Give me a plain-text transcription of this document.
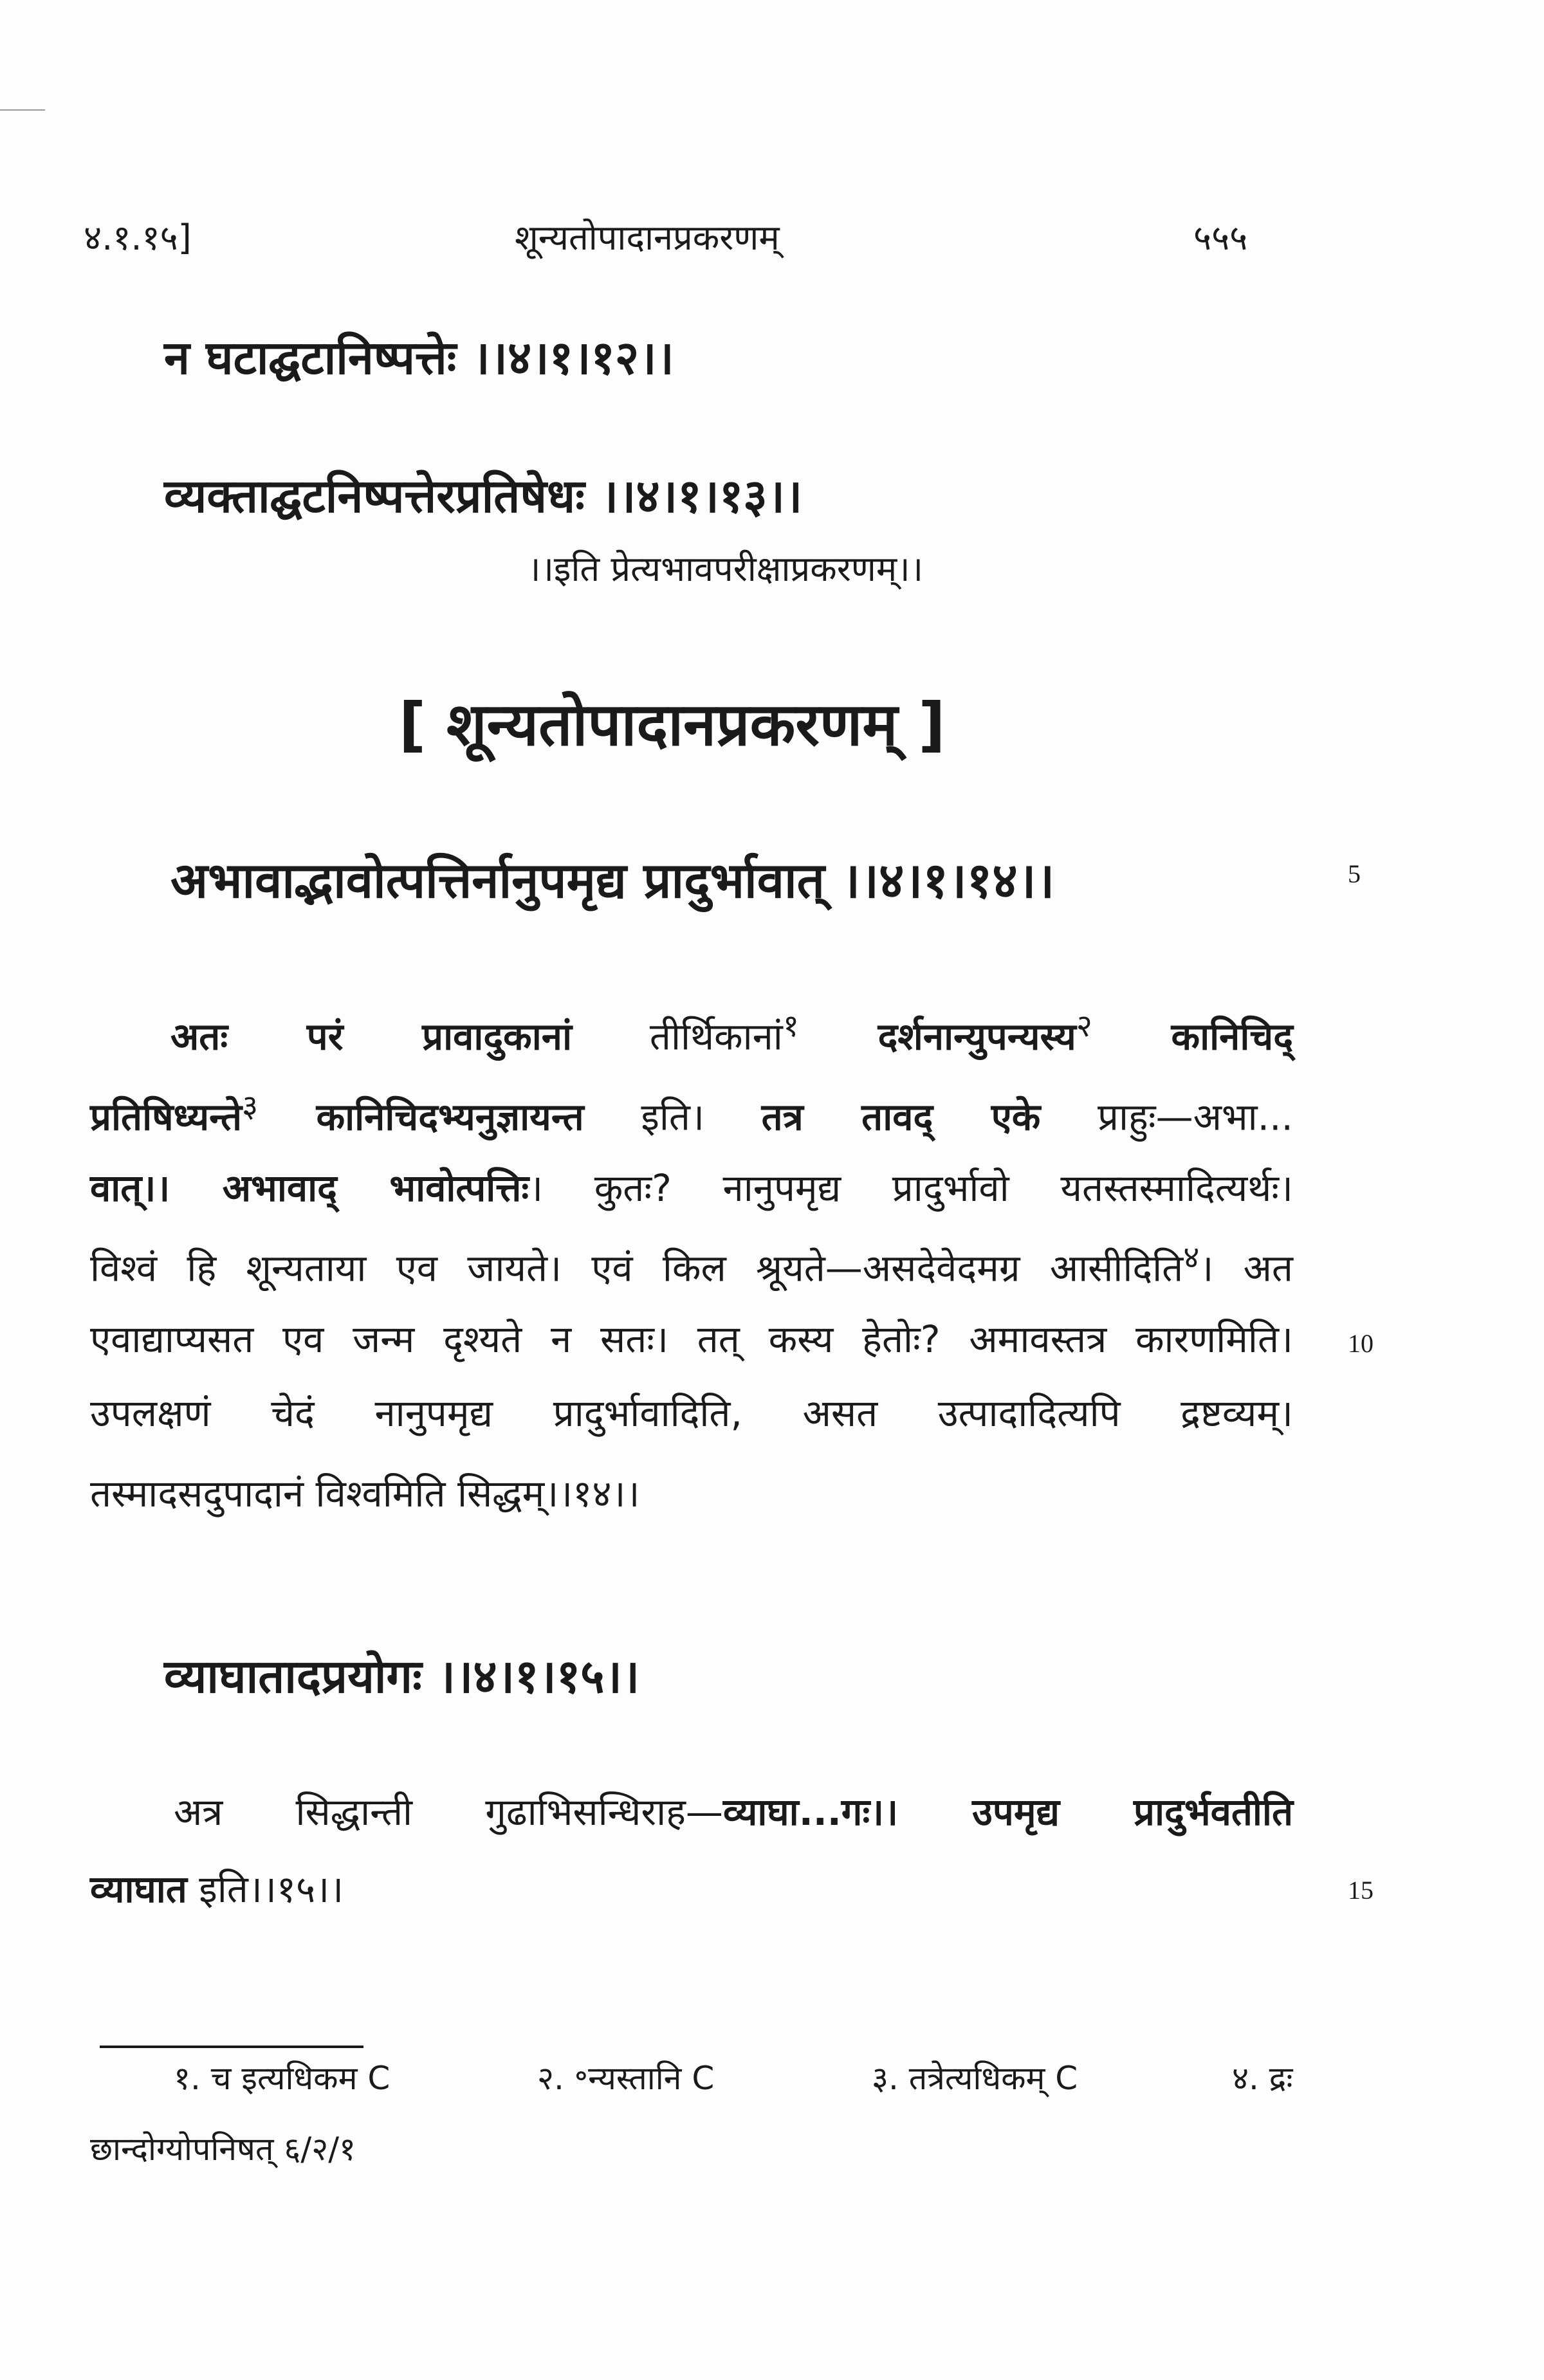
४.१.१५]	शून्यतोपादानप्रकरणम्	५५५
न घटाद्घटानिष्पत्तेः ।।४।१।१२।।
व्यक्ताद्घटनिष्पत्तेरप्रतिषेधः ।।४।१।१३।।
।।इति प्रेत्यभावपरीक्षाप्रकरणम्।।
[ शून्यतोपादानप्रकरणम् ]
अभावाद्भावोत्पत्तिर्नानुपमृद्य प्रादुर्भावात् ।।४।१।१४।।	5
अतः परं प्रावादुकानां तीर्थिकानां$^१$ दर्शनान्युपन्यस्य$^२$ कानिचिद्
प्रतिषिध्यन्ते$^३$ कानिचिदभ्यनुज्ञायन्त इति। तत्र तावद् एके प्राहुः—अभा...
वात्।। अभावाद् भावोत्पत्तिः। कुतः? नानुपमृद्य प्रादुर्भावो यतस्तस्मादित्यर्थः।
विश्वं हि शून्यताया एव जायते। एवं किल श्रूयते—असदेवेदमग्र आसीदिति$^४$। अत
एवाद्याप्यसत एव जन्म दृश्यते न सतः। तत् कस्य हेतोः? अमावस्तत्र कारणमिति। 10
उपलक्षणं चेदं नानुपमृद्य प्रादुर्भावादिति, असत उत्पादादित्यपि द्रष्टव्यम्।
तस्मादसदुपादानं विश्वमिति सिद्धम्।।१४।।
व्याघातादप्रयोगः ।।४।१।१५।।
अत्र सिद्धान्ती गुढाभिसन्धिराह—व्याघा...गः।। उपमृद्य प्रादुर्भवतीति
व्याघात इति।।१५।।	15
१. च इत्यधिकम C	२. ॰न्यस्तानि C	३. तत्रेत्यधिकम् C	४. द्रः
छान्दोग्योपनिषत् ६/२/१
